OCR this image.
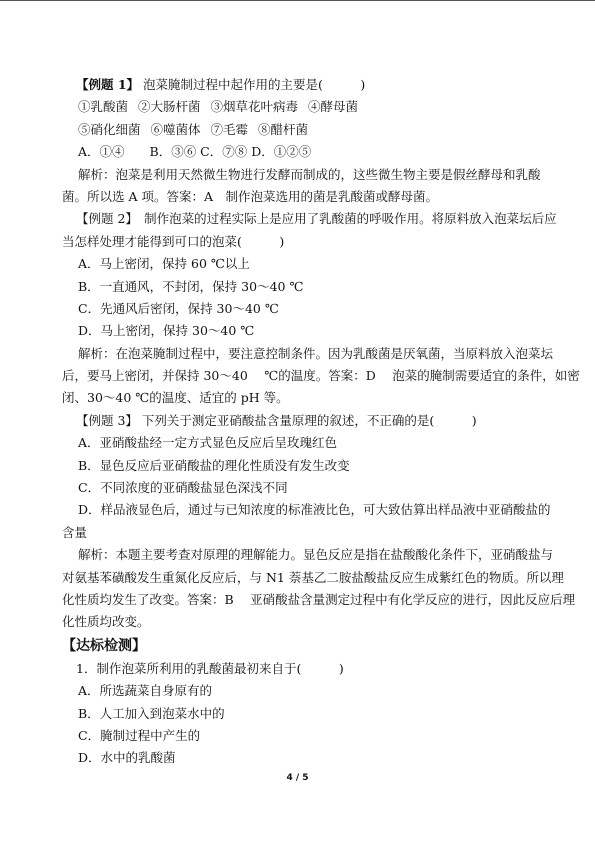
【例题 1】 泡菜腌制过程中起作用的主要是(　　　)
①乳酸菌 ②大肠杆菌 ③烟草花叶病毒 ④酵母菌
⑤硝化细菌 ⑥噬菌体 ⑦毛霉 ⑧醋杆菌
A．①④　　B．③⑥ C．⑦⑧ D．①②⑤
解析：泡菜是利用天然微生物进行发酵而制成的，这些微生物主要是假丝酵母和乳酸
菌。所以选 A 项。答案：A　制作泡菜选用的菌是乳酸菌或酵母菌。
【例题 2】　制作泡菜的过程实际上是应用了乳酸菌的呼吸作用。将原料放入泡菜坛后应
当怎样处理才能得到可口的泡菜(　　　)
A．马上密闭，保持 60 ℃以上
B．一直通风，不封闭，保持 30～40 ℃
C．先通风后密闭，保持 30～40 ℃
D．马上密闭，保持 30～40 ℃
解析：在泡菜腌制过程中，要注意控制条件。因为乳酸菌是厌氧菌，当原料放入泡菜坛
后，要马上密闭，并保持 30～40 　℃的温度。答案：D　 泡菜的腌制需要适宜的条件，如密
闭、30～40 ℃的温度、适宜的 pH 等。
【例题 3】 下列关于测定亚硝酸盐含量原理的叙述，不正确的是(　　　)
A．亚硝酸盐经一定方式显色反应后呈玫瑰红色
B．显色反应后亚硝酸盐的理化性质没有发生改变
C．不同浓度的亚硝酸盐显色深浅不同
D．样品液显色后，通过与已知浓度的标准液比色，可大致估算出样品液中亚硝酸盐的
含量
解析：本题主要考查对原理的理解能力。显色反应是指在盐酸酸化条件下，亚硝酸盐与
对氨基苯磺酸发生重氮化反应后，与 N1 萘基乙二胺盐酸盐反应生成紫红色的物质。所以理
化性质均发生了改变。答案：B　 亚硝酸盐含量测定过程中有化学反应的进行，因此反应后理
化性质均改变。
【达标检测】
1．制作泡菜所利用的乳酸菌最初来自于(　　　)
A．所选蔬菜自身原有的
B．人工加入到泡菜水中的
C．腌制过程中产生的
D．水中的乳酸菌
4 / 5
